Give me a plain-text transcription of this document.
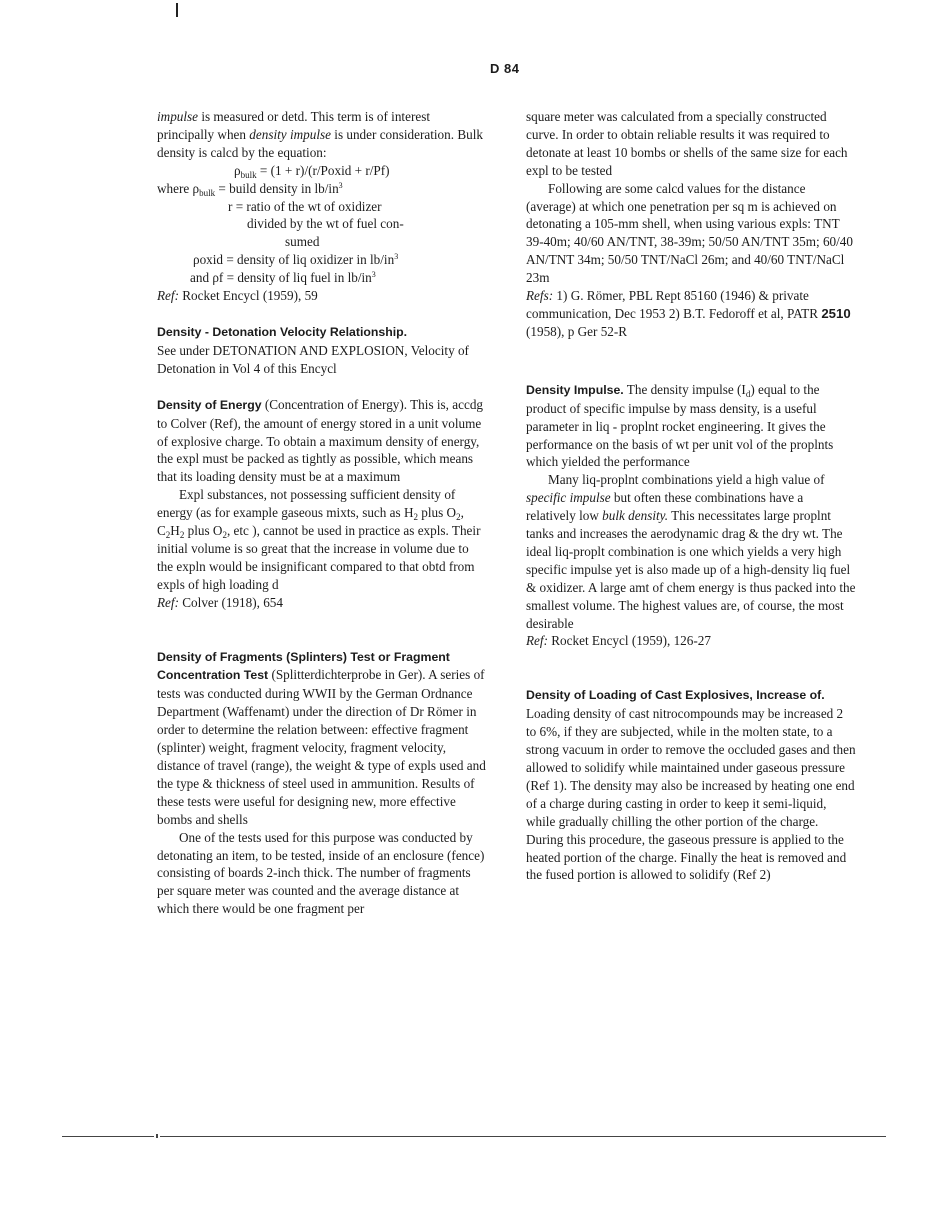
D 84

impulse is measured or detd. This term is of interest principally when density impulse is under consideration. Bulk density is calcd by the equation:

$\rho_{bulk} = (1$ + r)/(r/Poxid + r/Pf)
where $\rho_{bulk}$ = build density in $lb/in^3$
r = ratio of the wt of oxidizer
divided by the wt of fuel con-
sumed
ρoxid = density of liq oxidizer in $lb/in^3$
and ρf = density of liq fuel in $lb/in^3$

Ref: Rocket Encycl (1959), 59

Density - Detonation Velocity Relationship.
See under DETONATION AND EXPLOSION, Velocity of Detonation in Vol 4 of this Encycl

Density of Energy (Concentration of Energy). This is, accdg to Colver (Ref), the amount of energy stored in a unit volume of explosive charge. To obtain a maximum density of energy, the expl must be packed as tightly as possible, which means that its loading density must be at a maximum

Expl substances, not possessing sufficient density of energy (as for example gaseous mixts, such as $H_2$ plus $O_2$, $C_2H_2$ plus $O_2$, etc ), cannot be used in practice as expls. Their initial volume is so great that the increase in volume due to the expln would be insignificant compared to that obtd from expls of high loading d

Ref: Colver (1918), 654

Density of Fragments (Splinters) Test or Fragment Concentration Test (Splitterdichterprobe in Ger). A series of tests was conducted during WWII by the German Ordnance Department (Waffenamt) under the direction of Dr Römer in order to determine the relation between: effective fragment (splinter) weight, fragment velocity, fragment velocity, distance of travel (range), the weight & type of expls used and the type & thickness of steel used in ammunition. Results of these tests were useful for designing new, more effective bombs and shells

One of the tests used for this purpose was conducted by detonating an item, to be tested, inside of an enclosure (fence) consisting of boards 2-inch thick. The number of fragments per square meter was counted and the average distance at which there would be one fragment per

square meter was calculated from a specially constructed curve. In order to obtain reliable results it was required to detonate at least 10 bombs or shells of the same size for each expl to be tested

Following are some calcd values for the distance (average) at which one penetration per sq m is achieved on detonating a 105-mm shell, when using various expls: TNT 39-40m; 40/60 AN/TNT, 38-39m; 50/50 AN/TNT 35m; 60/40 AN/TNT 34m; 50/50 TNT/NaCl 26m; and 40/60 TNT/NaCl 23m

Refs: 1) G. Römer, PBL Rept 85160 (1946) & private communication, Dec 1953 2) B.T. Fedoroff et al, PATR 2510 (1958), p Ger 52-R

Density Impulse. The density impulse $(I_d)$ equal to the product of specific impulse by mass density, is a useful parameter in liq - proplnt rocket engineering. It gives the performance on the basis of wt per unit vol of the proplnts which yielded the performance

Many liq-proplnt combinations yield a high value of specific impulse but often these combinations have a relatively low bulk density. This necessitates large proplnt tanks and increases the aerodynamic drag & the dry wt. The ideal liq-proplt combination is one which yields a very high specific impulse yet is also made up of a high-density liq fuel & oxidizer. A large amt of chem energy is thus packed into the smallest volume. The highest values are, of course, the most desirable

Ref: Rocket Encycl (1959), 126-27

Density of Loading of Cast Explosives, Increase of. Loading density of cast nitrocompounds may be increased 2 to 6%, if they are subjected, while in the molten state, to a strong vacuum in order to remove the occluded gases and then allowed to solidify while maintained under gaseous pressure (Ref 1). The density may also be increased by heating one end of a charge during casting in order to keep it semi-liquid, while gradually chilling the other portion of the charge. During this procedure, the gaseous pressure is applied to the heated portion of the charge. Finally the heat is removed and the fused portion is allowed to solidify (Ref 2)
